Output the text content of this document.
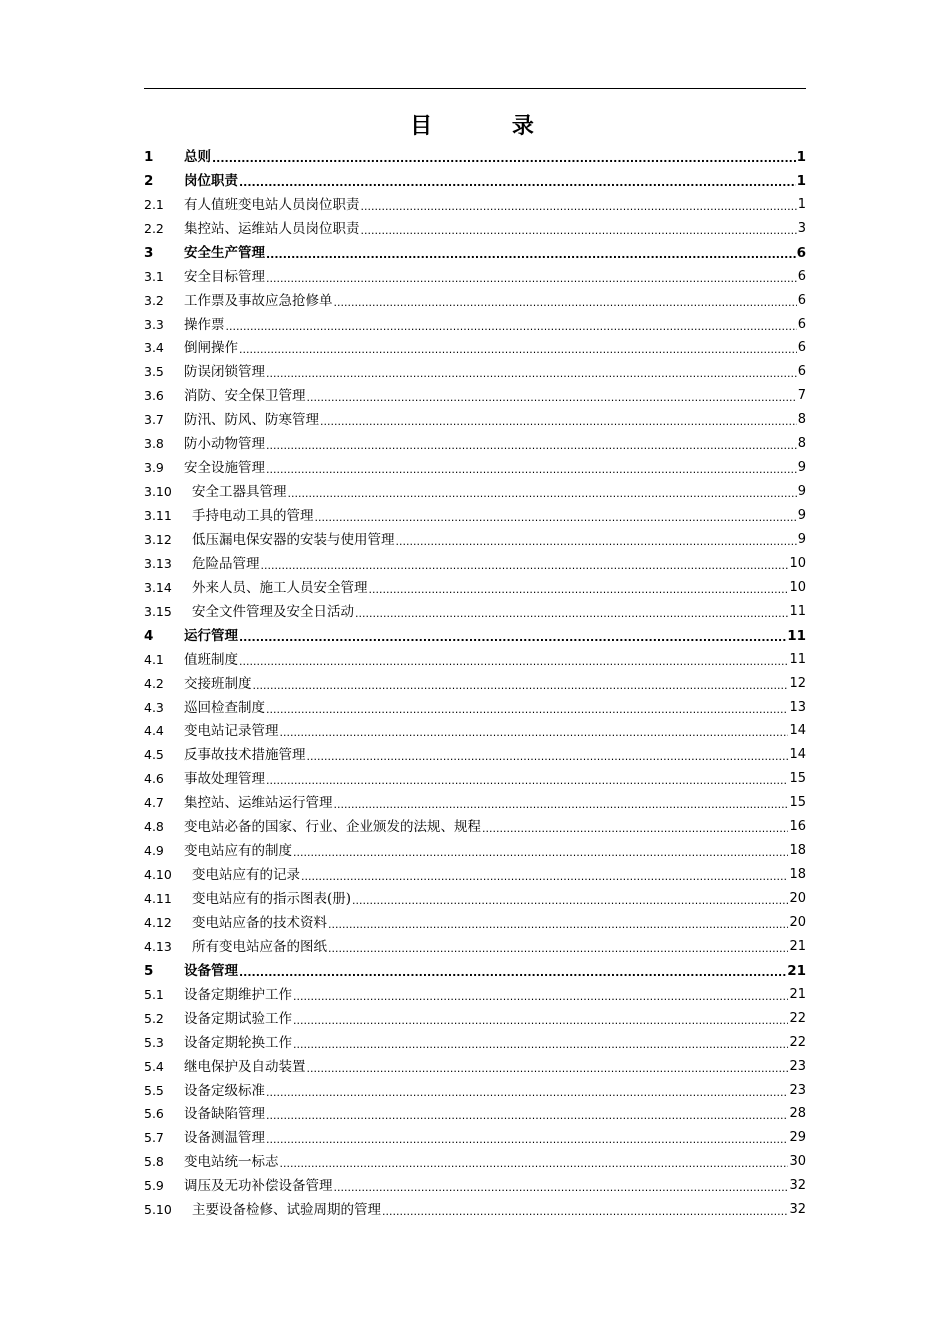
目 录
1	总则 .....	1
2	岗位职责 .....	1
2.1	有人值班变电站人员岗位职责 .....	1
2.2	集控站、运维站人员岗位职责 .....	3
3	安全生产管理 .....	6
3.1	安全目标管理 .....	6
3.2	工作票及事故应急抢修单 .....	6
3.3	操作票 .....	6
3.4	倒闸操作 .....	6
3.5	防误闭锁管理 .....	6
3.6	消防、安全保卫管理 .....	7
3.7	防汛、防风、防寒管理 .....	8
3.8	防小动物管理 .....	8
3.9	安全设施管理 .....	9
3.10	安全工器具管理 .....	9
3.11	手持电动工具的管理 .....	9
3.12	低压漏电保安器的安装与使用管理 .....	9
3.13	危险品管理 .....	10
3.14	外来人员、施工人员安全管理 .....	10
3.15	安全文件管理及安全日活动 .....	11
4	运行管理 .....	11
4.1	值班制度 .....	11
4.2	交接班制度 .....	12
4.3	巡回检查制度 .....	13
4.4	变电站记录管理 .....	14
4.5	反事故技术措施管理 .....	14
4.6	事故处理管理 .....	15
4.7	集控站、运维站运行管理 .....	15
4.8	变电站必备的国家、行业、企业颁发的法规、规程 .....	16
4.9	变电站应有的制度 .....	18
4.10	变电站应有的记录 .....	18
4.11	变电站应有的指示图表(册) .....	20
4.12	变电站应备的技术资料 .....	20
4.13	所有变电站应备的图纸 .....	21
5	设备管理 .....	21
5.1	设备定期维护工作 .....	21
5.2	设备定期试验工作 .....	22
5.3	设备定期轮换工作 .....	22
5.4	继电保护及自动装置 .....	23
5.5	设备定级标准 .....	23
5.6	设备缺陷管理 .....	28
5.7	设备测温管理 .....	29
5.8	变电站统一标志 .....	30
5.9	调压及无功补偿设备管理 .....	32
5.10	主要设备检修、试验周期的管理 .....	32
